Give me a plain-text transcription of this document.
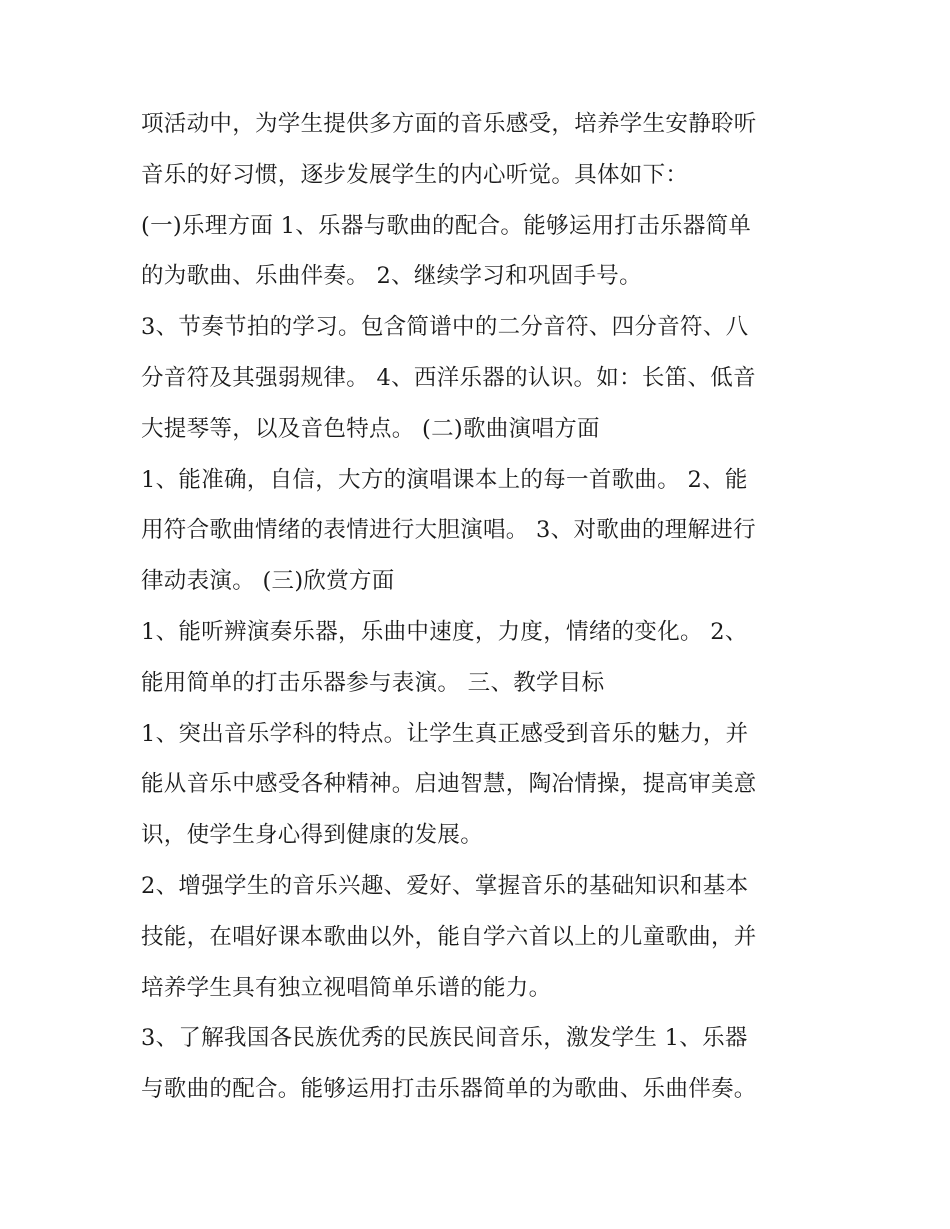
项活动中，为学生提供多方面的音乐感受，培养学生安静聆听
音乐的好习惯，逐步发展学生的内心听觉。具体如下：
(一)乐理方面 1、乐器与歌曲的配合。能够运用打击乐器简单
的为歌曲、乐曲伴奏。 2、继续学习和巩固手号。
3、节奏节拍的学习。包含简谱中的二分音符、四分音符、八
分音符及其强弱规律。 4、西洋乐器的认识。如：长笛、低音
大提琴等，以及音色特点。 (二)歌曲演唱方面
1、能准确，自信，大方的演唱课本上的每一首歌曲。 2、能
用符合歌曲情绪的表情进行大胆演唱。 3、对歌曲的理解进行
律动表演。 (三)欣赏方面
1、能听辨演奏乐器，乐曲中速度，力度，情绪的变化。 2、
能用简单的打击乐器参与表演。 三、教学目标
1、突出音乐学科的特点。让学生真正感受到音乐的魅力，并
能从音乐中感受各种精神。启迪智慧，陶冶情操，提高审美意
识，使学生身心得到健康的发展。
2、增强学生的音乐兴趣、爱好、掌握音乐的基础知识和基本
技能，在唱好课本歌曲以外，能自学六首以上的儿童歌曲，并
培养学生具有独立视唱简单乐谱的能力。
3、了解我国各民族优秀的民族民间音乐，激发学生 1、乐器
与歌曲的配合。能够运用打击乐器简单的为歌曲、乐曲伴奏。
